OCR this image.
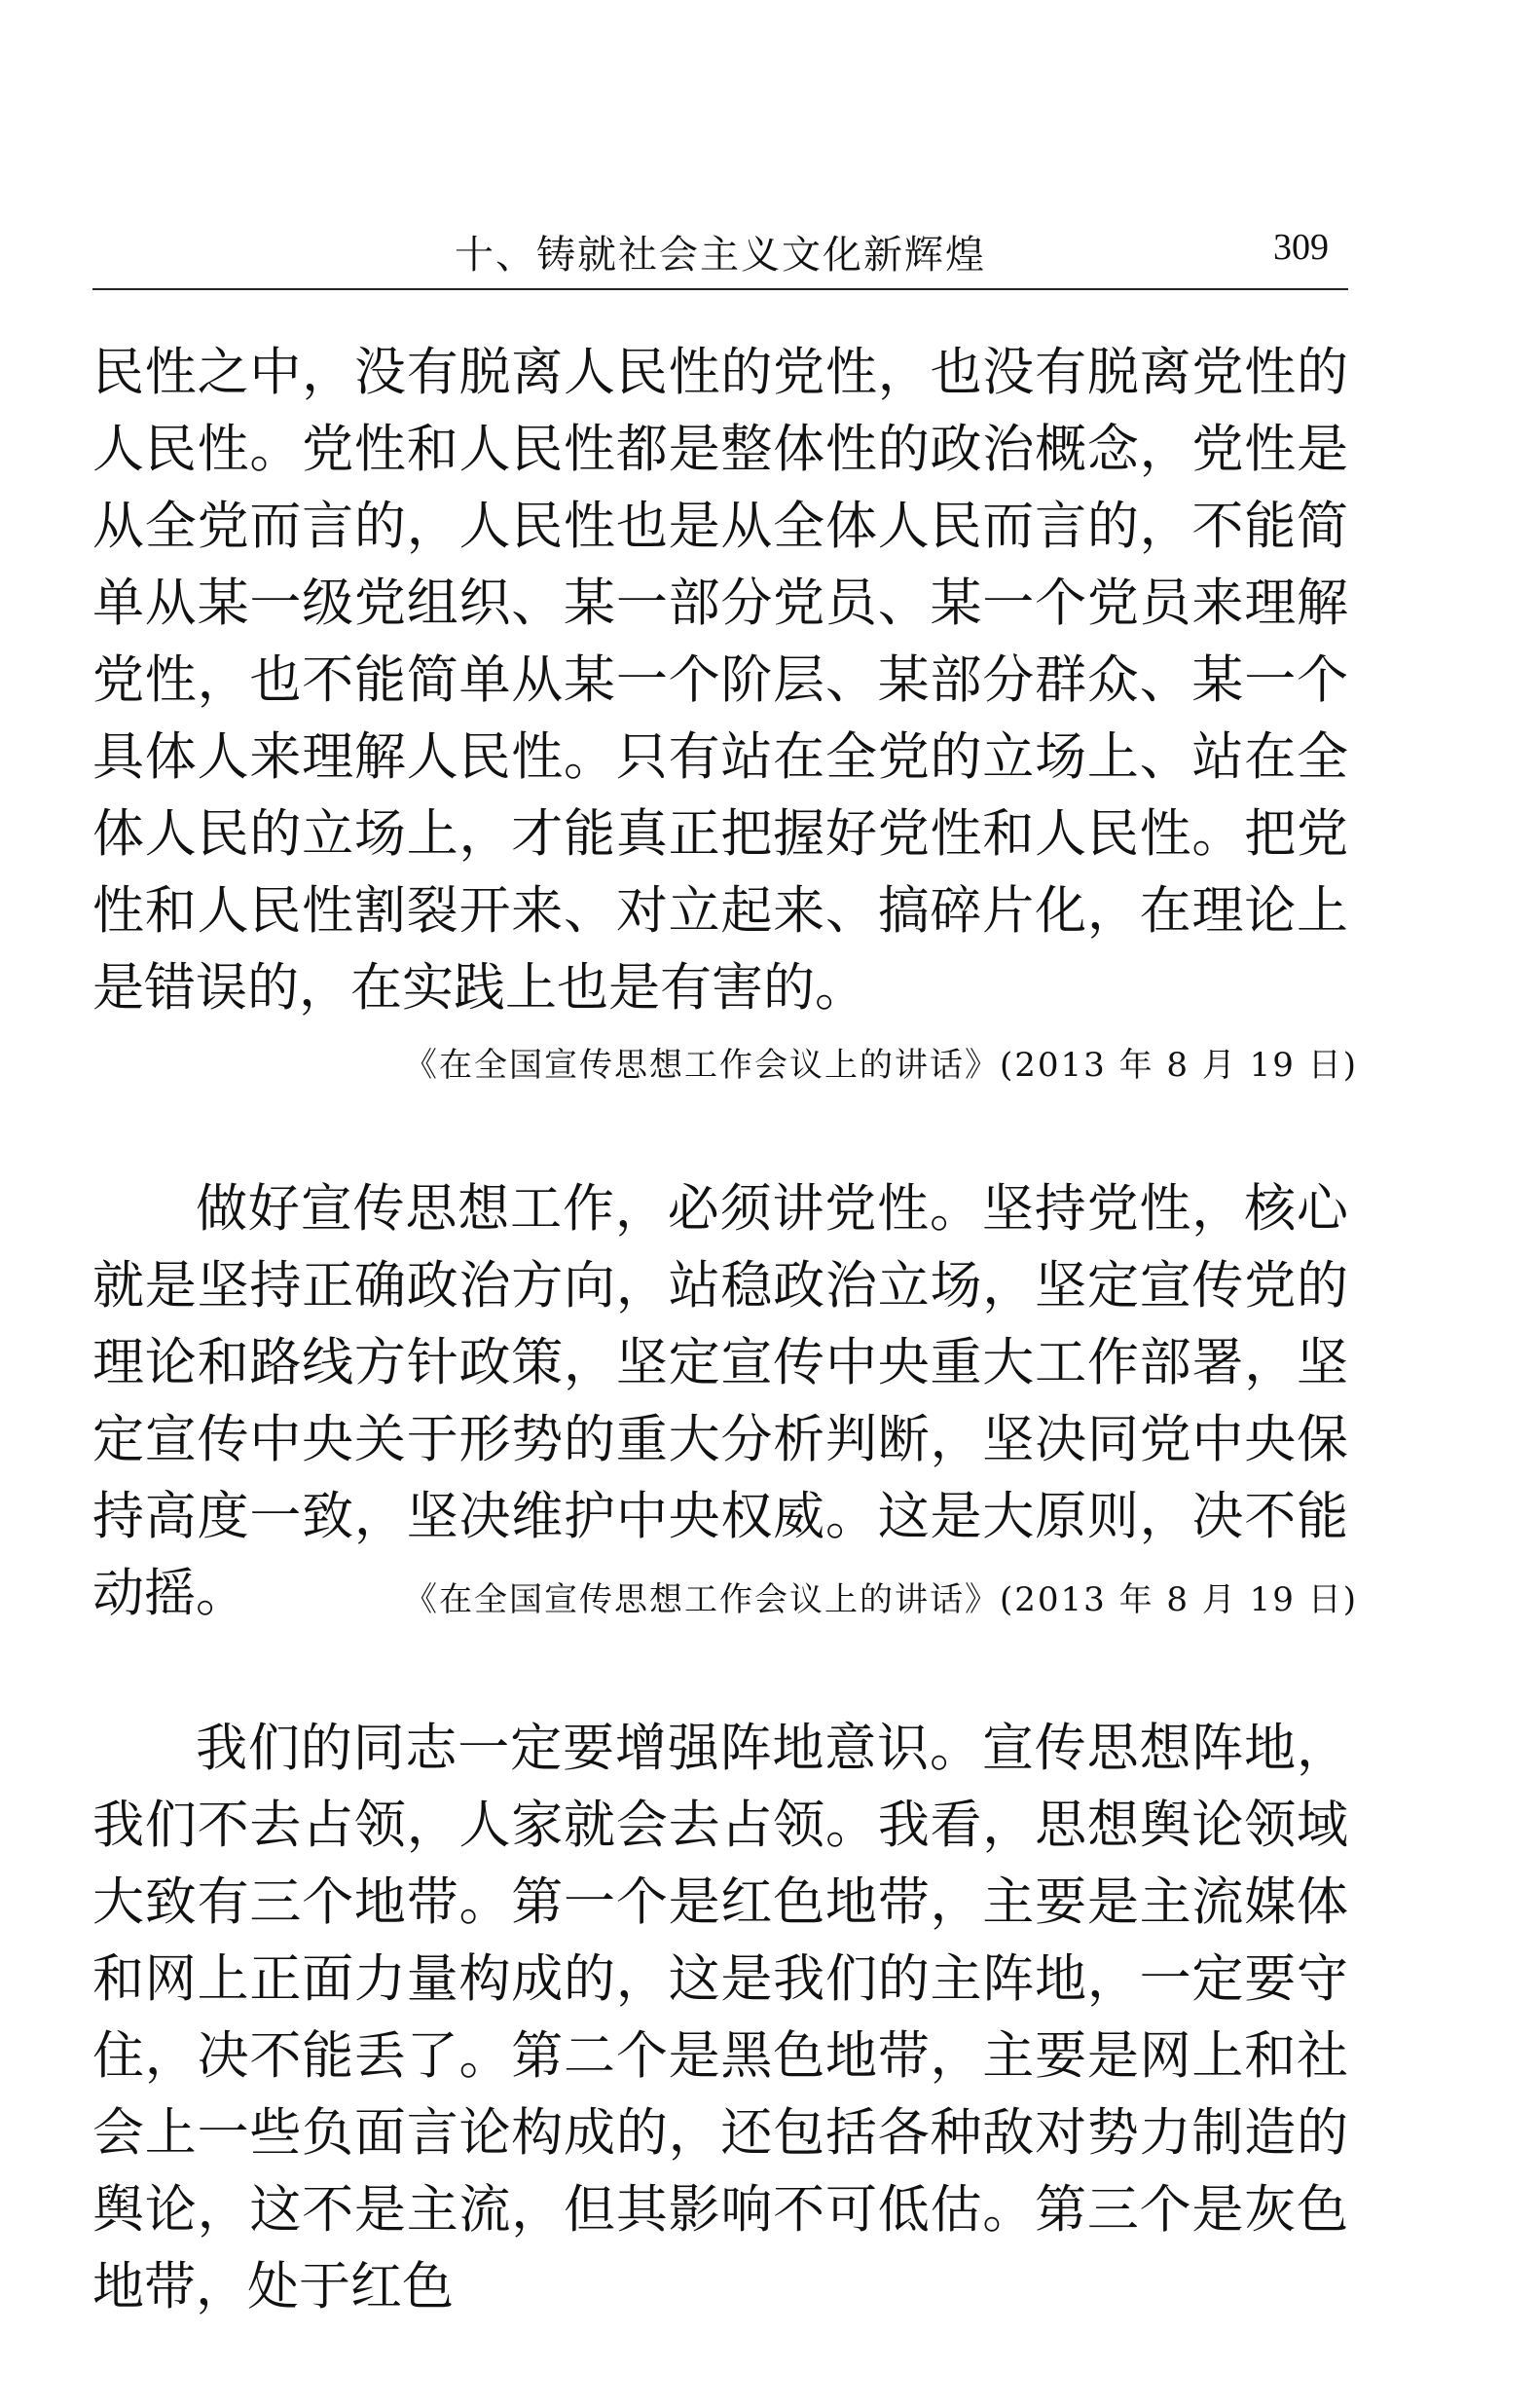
十、铸就社会主义文化新辉煌	309

民性之中，没有脱离人民性的党性，也没有脱离党性的人民性。党性和人民性都是整体性的政治概念，党性是从全党而言的，人民性也是从全体人民而言的，不能简单从某一级党组织、某一部分党员、某一个党员来理解党性，也不能简单从某一个阶层、某部分群众、某一个具体人来理解人民性。只有站在全党的立场上、站在全体人民的立场上，才能真正把握好党性和人民性。把党性和人民性割裂开来、对立起来、搞碎片化，在理论上是错误的，在实践上也是有害的。

《在全国宣传思想工作会议上的讲话》(2013 年 8 月 19 日)

做好宣传思想工作，必须讲党性。坚持党性，核心就是坚持正确政治方向，站稳政治立场，坚定宣传党的理论和路线方针政策，坚定宣传中央重大工作部署，坚定宣传中央关于形势的重大分析判断，坚决同党中央保持高度一致，坚决维护中央权威。这是大原则，决不能动摇。	《在全国宣传思想工作会议上的讲话》(2013 年 8 月 19 日)

我们的同志一定要增强阵地意识。宣传思想阵地，我们不去占领，人家就会去占领。我看，思想舆论领域大致有三个地带。第一个是红色地带，主要是主流媒体和网上正面力量构成的，这是我们的主阵地，一定要守住，决不能丢了。第二个是黑色地带，主要是网上和社会上一些负面言论构成的，还包括各种敌对势力制造的舆论，这不是主流，但其影响不可低估。第三个是灰色地带，处于红色
